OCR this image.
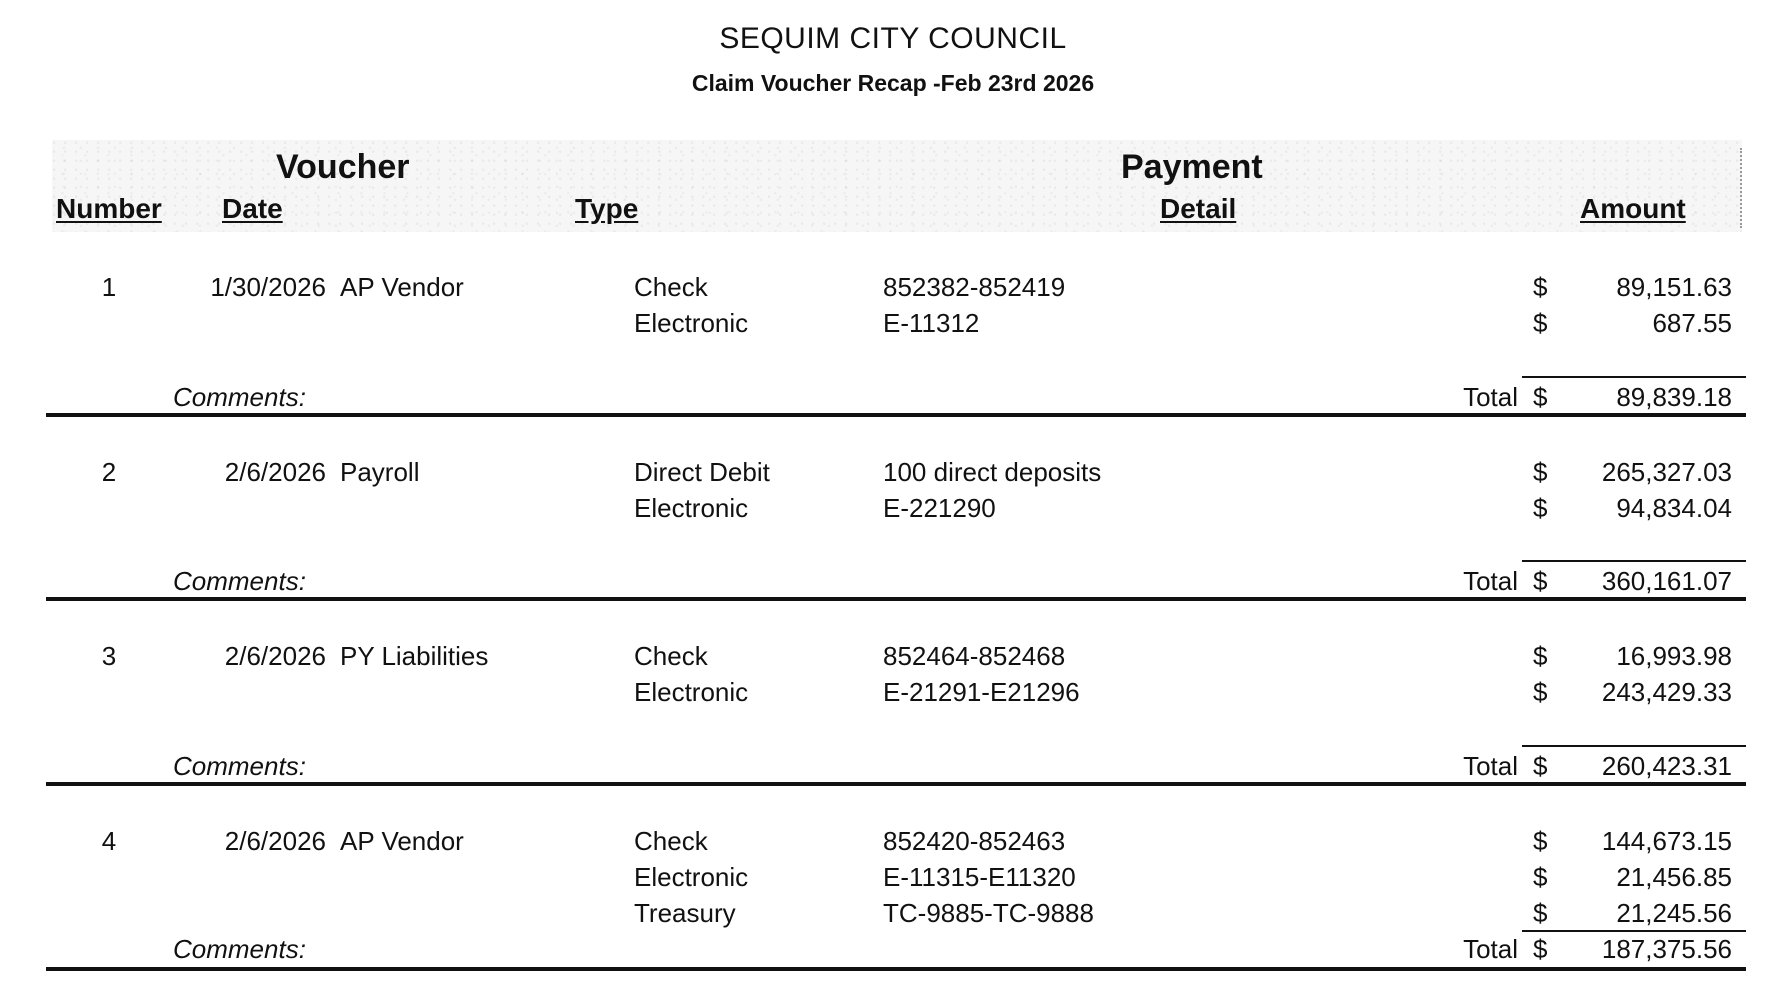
SEQUIM CITY COUNCIL
Claim Voucher Recap -Feb 23rd 2026
Voucher	Payment
Number Date	Type	Detail	Amount
1	1/30/2026 AP Vendor	Check	852382-852419	$	89,151.63
Electronic	E-11312	$	687.55
Comments:	Total $	89,839.18
2	2/6/2026 Payroll	Direct Debit	100 direct deposits	$	265,327.03
Electronic	E-221290	$	94,834.04
Comments:	Total $	360,161.07
3	2/6/2026 PY Liabilities	Check	852464-852468	$	16,993.98
Electronic	E-21291-E21296	$	243,429.33
Comments:	Total $	260,423.31
4	2/6/2026 AP Vendor	Check	852420-852463	$	144,673.15
Electronic	E-11315-E11320	$	21,456.85
Treasury	TC-9885-TC-9888	$	21,245.56
Comments:	Total $	187,375.56
